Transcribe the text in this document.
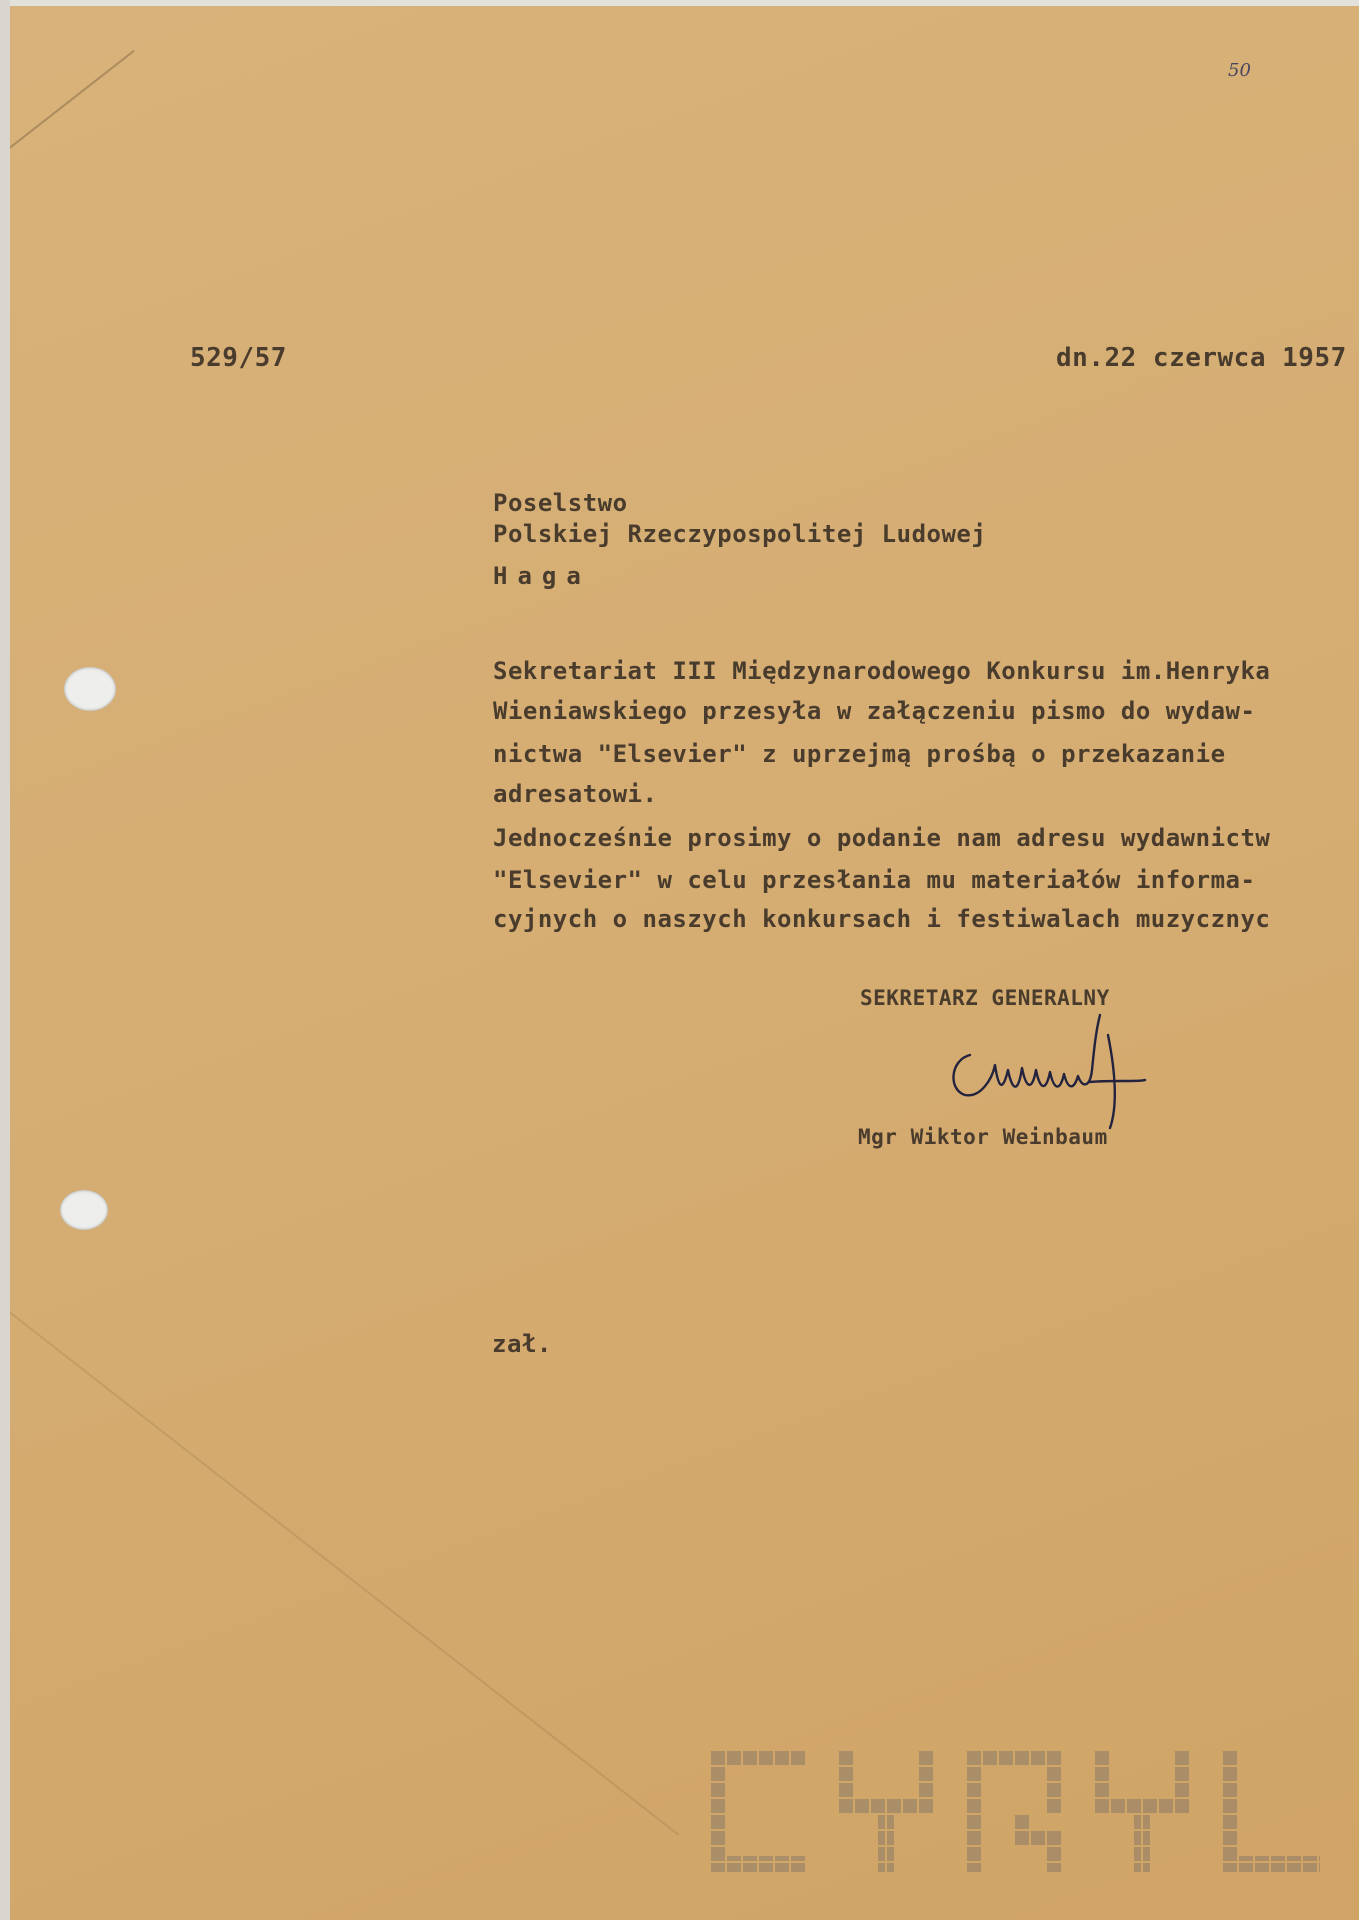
50
529/57	dn.22 czerwca 1957
Poselstwo
Polskiej Rzeczypospolitej Ludowej
Haga
Sekretariat III Międzynarodowego Konkursu im.Henryka
Wieniawskiego przesyła w załączeniu pismo do wydaw-
nictwa "Elsevier" z uprzejmą prośbą o przekazanie
adresatowi.
Jednocześnie prosimy o podanie nam adresu wydawnictw
"Elsevier" w celu przesłania mu materiałów informa-
cyjnych o naszych konkursach i festiwalach muzycznyc
SEKRETARZ GENERALNY
Mgr Wiktor Weinbaum
zał.
